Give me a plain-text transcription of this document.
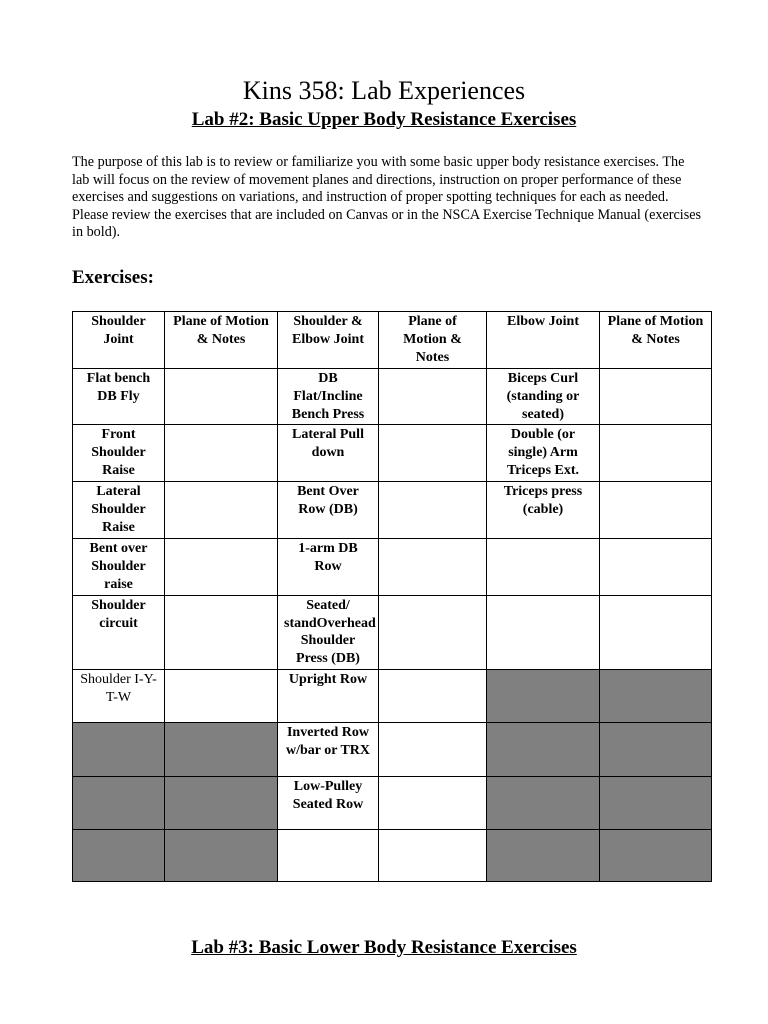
Kins 358: Lab Experiences
Lab #2: Basic Upper Body Resistance Exercises

The purpose of this lab is to review or familiarize you with some basic upper body resistance exercises. The lab will focus on the review of movement planes and directions, instruction on proper performance of these exercises and suggestions on variations, and instruction of proper spotting techniques for each as needed. Please review the exercises that are included on Canvas or in the NSCA Exercise Technique Manual (exercises in bold).

Exercises:
Shoulder Joint	Plane of Motion & Notes	Shoulder & Elbow Joint	Plane of Motion & Notes	Elbow Joint	Plane of Motion & Notes
Flat bench DB Fly		DB Flat/Incline Bench Press		Biceps Curl (standing or seated)	
Front Shoulder Raise		Lateral Pull down		Double (or single) Arm Triceps Ext.	
Lateral Shoulder Raise		Bent Over Row (DB)		Triceps press (cable)	
Bent over Shoulder raise		1-arm DB Row			
Shoulder circuit		Seated/ standOverhead Shoulder Press (DB)			
Shoulder I-Y-T-W		Upright Row			
		Inverted Row w/bar or TRX			
		Low-Pulley Seated Row			

Lab #3: Basic Lower Body Resistance Exercises
